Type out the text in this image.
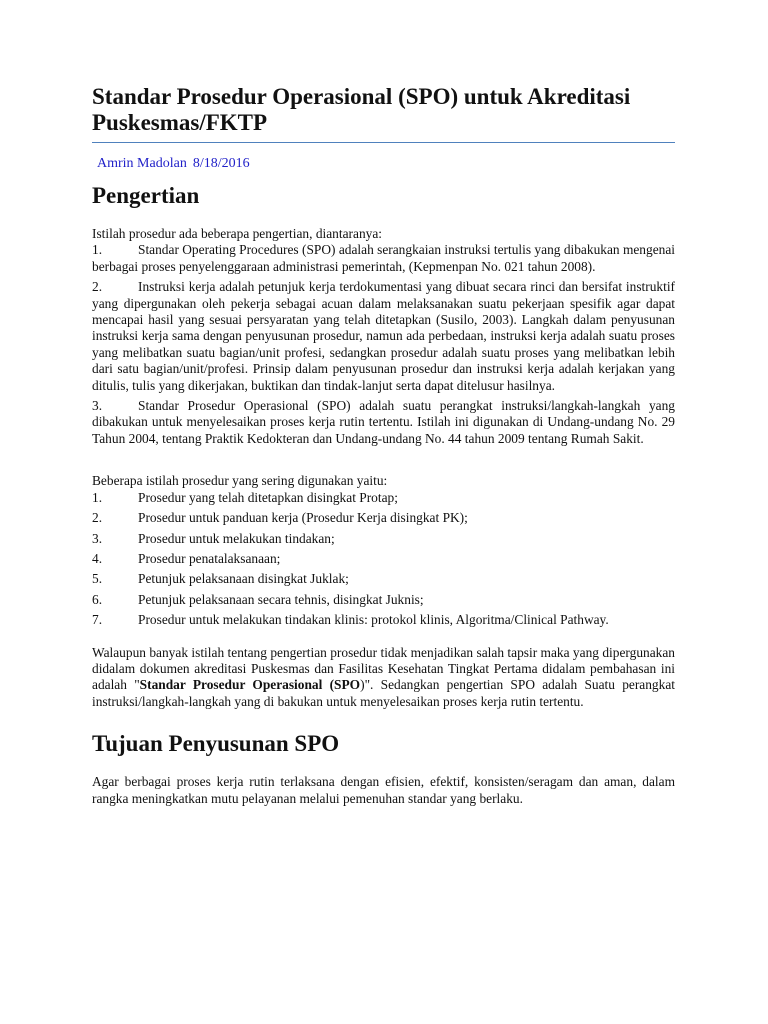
Standar Prosedur Operasional (SPO) untuk Akreditasi Puskesmas/FKTP
Amrin Madolan 8/18/2016
Pengertian

Istilah prosedur ada beberapa pengertian, diantaranya:

1.	Standar Operating Procedures (SPO) adalah serangkaian instruksi tertulis yang dibakukan mengenai berbagai proses penyelenggaraan administrasi pemerintah, (Kepmenpan No. 021 tahun 2008).
2.	Instruksi kerja adalah petunjuk kerja terdokumentasi yang dibuat secara rinci dan bersifat instruktif yang dipergunakan oleh pekerja sebagai acuan dalam melaksanakan suatu pekerjaan spesifik agar dapat mencapai hasil yang sesuai persyaratan yang telah ditetapkan (Susilo, 2003). Langkah dalam penyusunan instruksi kerja sama dengan penyusunan prosedur, namun ada perbedaan, instruksi kerja adalah suatu proses yang melibatkan suatu bagian/unit profesi, sedangkan prosedur adalah suatu proses yang melibatkan lebih dari satu bagian/unit/profesi. Prinsip dalam penyusunan prosedur dan instruksi kerja adalah kerjakan yang ditulis, tulis yang dikerjakan, buktikan dan tindak-lanjut serta dapat ditelusur hasilnya.
3.	Standar Prosedur Operasional (SPO) adalah suatu perangkat instruksi/langkah-langkah yang dibakukan untuk menyelesaikan proses kerja rutin tertentu. Istilah ini digunakan di Undang-undang No. 29 Tahun 2004, tentang Praktik Kedokteran dan Undang-undang No. 44 tahun 2009 tentang Rumah Sakit.

Beberapa istilah prosedur yang sering digunakan yaitu:

1.	Prosedur yang telah ditetapkan disingkat Protap;
2.	Prosedur untuk panduan kerja (Prosedur Kerja disingkat PK);
3.	Prosedur untuk melakukan tindakan;
4.	Prosedur penatalaksanaan;
5.	Petunjuk pelaksanaan disingkat Juklak;
6.	Petunjuk pelaksanaan secara tehnis, disingkat Juknis;
7.	Prosedur untuk melakukan tindakan klinis: protokol klinis, Algoritma/Clinical Pathway.

Walaupun banyak istilah tentang pengertian prosedur tidak menjadikan salah tapsir maka yang dipergunakan didalam dokumen akreditasi Puskesmas dan Fasilitas Kesehatan Tingkat Pertama didalam pembahasan ini adalah "Standar Prosedur Operasional (SPO)". Sedangkan pengertian SPO adalah Suatu perangkat instruksi/langkah-langkah yang di bakukan untuk menyelesaikan proses kerja rutin tertentu.

Tujuan Penyusunan SPO

Agar berbagai proses kerja rutin terlaksana dengan efisien, efektif, konsisten/seragam dan aman, dalam rangka meningkatkan mutu pelayanan melalui pemenuhan standar yang berlaku.
